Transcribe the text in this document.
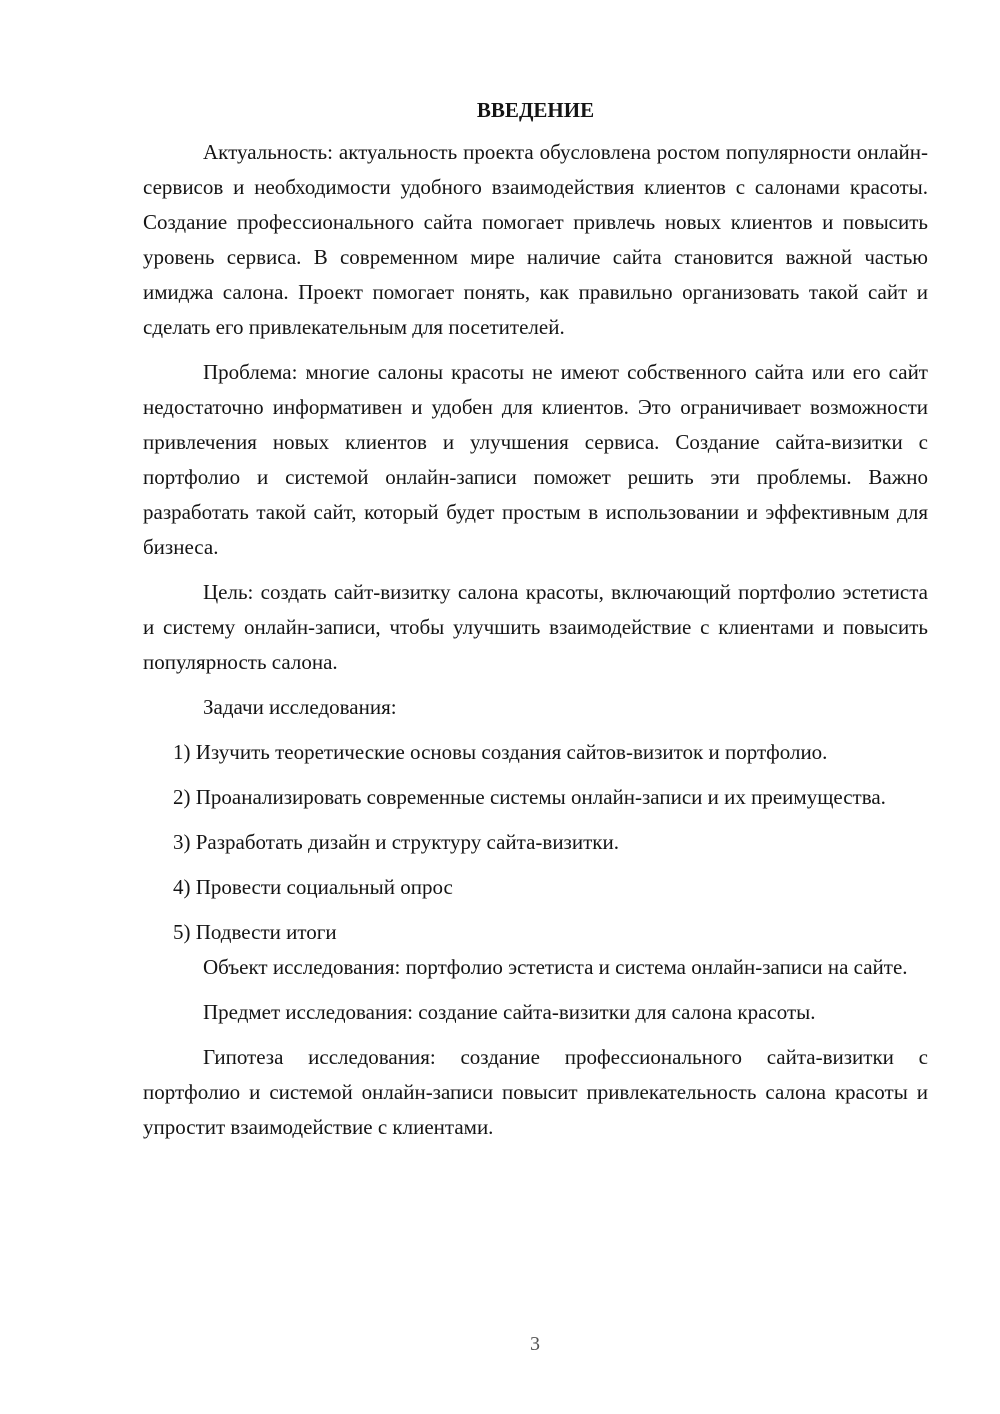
ВВЕДЕНИЕ

Актуальность: актуальность проекта обусловлена ростом популярности онлайн-сервисов и необходимости удобного взаимодействия клиентов с салонами красоты. Создание профессионального сайта помогает привлечь новых клиентов и повысить уровень сервиса. В современном мире наличие сайта становится важной частью имиджа салона. Проект помогает понять, как правильно организовать такой сайт и сделать его привлекательным для посетителей.

Проблема: многие салоны красоты не имеют собственного сайта или его сайт недостаточно информативен и удобен для клиентов. Это ограничивает возможности привлечения новых клиентов и улучшения сервиса. Создание сайта-визитки с портфолио и системой онлайн-записи поможет решить эти проблемы. Важно разработать такой сайт, который будет простым в использовании и эффективным для бизнеса.

Цель: создать сайт-визитку салона красоты, включающий портфолио эстетиста и систему онлайн-записи, чтобы улучшить взаимодействие с клиентами и повысить популярность салона.

Задачи исследования:

1) Изучить теоретические основы создания сайтов-визиток и портфолио.

2) Проанализировать современные системы онлайн-записи и их преимущества.

3) Разработать дизайн и структуру сайта-визитки.

4) Провести социальный опрос

5) Подвести итоги

Объект исследования: портфолио эстетиста и система онлайн-записи на сайте.

Предмет исследования: создание сайта-визитки для салона красоты.

Гипотеза исследования: создание профессионального сайта-визитки с портфолио и системой онлайн-записи повысит привлекательность салона красоты и упростит взаимодействие с клиентами.

3
